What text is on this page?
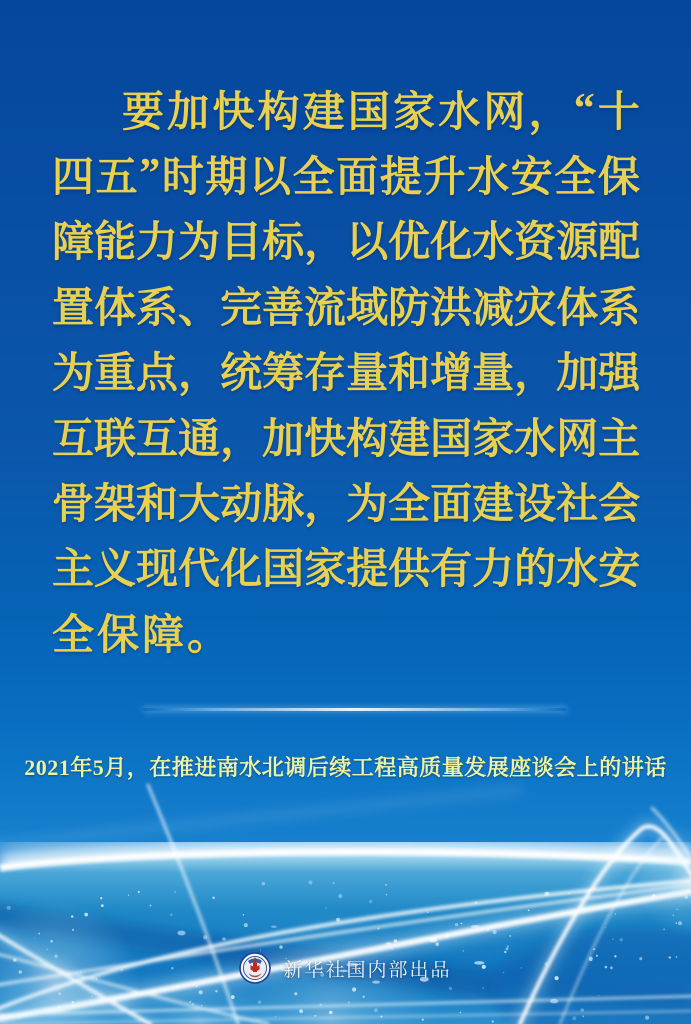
要 加 快 构 建 国 家 水 网 ， “ 十
四 五 ” 时 期 以 全 面 提 升 水 安 全 保
障 能 力 为 目 标 ， 以 优 化 水 资 源 配
置 体 系 、 完 善 流 域 防 洪 减 灾 体 系
为 重 点 ， 统 筹 存 量 和 增 量 ， 加 强
互 联 互 通 ， 加 快 构 建 国 家 水 网 主
骨 架 和 大 动 脉 ， 为 全 面 建 设 社 会
主 义 现 代 化 国 家 提 供 有 力 的 水 安
全 保 障 。
2021年5月，在推进南水北调后续工程高质量发展座谈会上的讲话
新华社国内部出品
